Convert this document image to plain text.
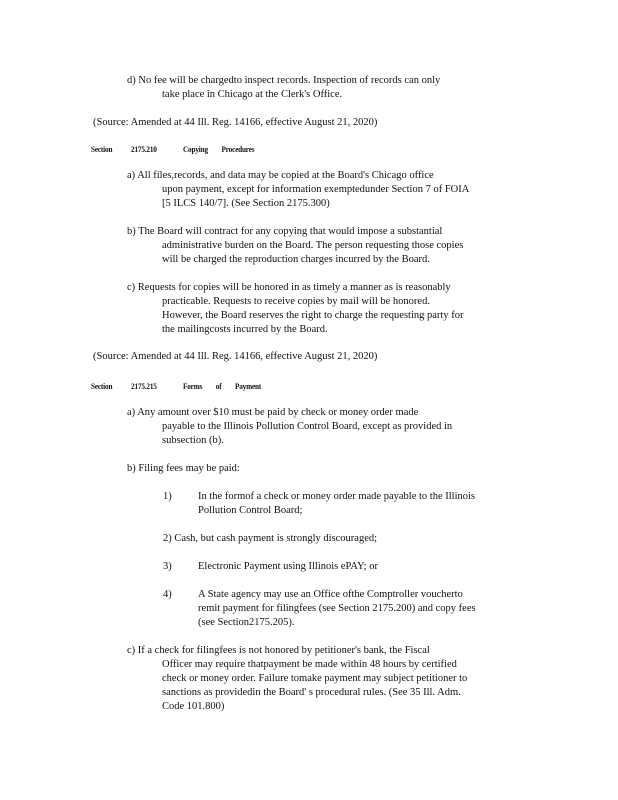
d) No fee will be chargedto inspect records. Inspection of records can only
take place in Chicago at the Clerk's Office.
(Source: Amended at 44 Ill. Reg. 14166, effective August 21, 2020)
Section 2175.210	Copying Procedures
a) All files,records, and data may be copied at the Board's Chicago office
upon payment, except for information exemptedunder Section 7 of FOIA
[5 ILCS 140/7]. (See Section 2175.300)
b) The Board will contract for any copying that would impose a substantial
administrative burden on the Board. The person requesting those copies
will be charged the reproduction charges incurred by the Board.
c) Requests for copies will be honored in as timely a manner as is reasonably
practicable. Requests to receive copies by mail will be honored.
However, the Board reserves the right to charge the requesting party for
the mailingcosts incurred by the Board.
(Source: Amended at 44 Ill. Reg. 14166, effective August 21, 2020)
Section 2175.215	Forms of Payment
a) Any amount over $10 must be paid by check or money order made
payable to the Illinois Pollution Control Board, except as provided in
subsection (b).
b) Filing fees may be paid:
1)	In the formof a check or money order made payable to the Illinois
Pollution Control Board;
2) Cash, but cash payment is strongly discouraged;
3)	Electronic Payment using Illinois ePAY; or
4)	A State agency may use an Office ofthe Comptroller voucherto
remit payment for filingfees (see Section 2175.200) and copy fees
(see Section2175.205).
c) If a check for filingfees is not honored by petitioner's bank, the Fiscal
Officer may require thatpayment be made within 48 hours by certified
check or money order. Failure tomake payment may subject petitioner to
sanctions as providedin the Board' s procedural rules. (See 35 Ill. Adm.
Code 101.800)
